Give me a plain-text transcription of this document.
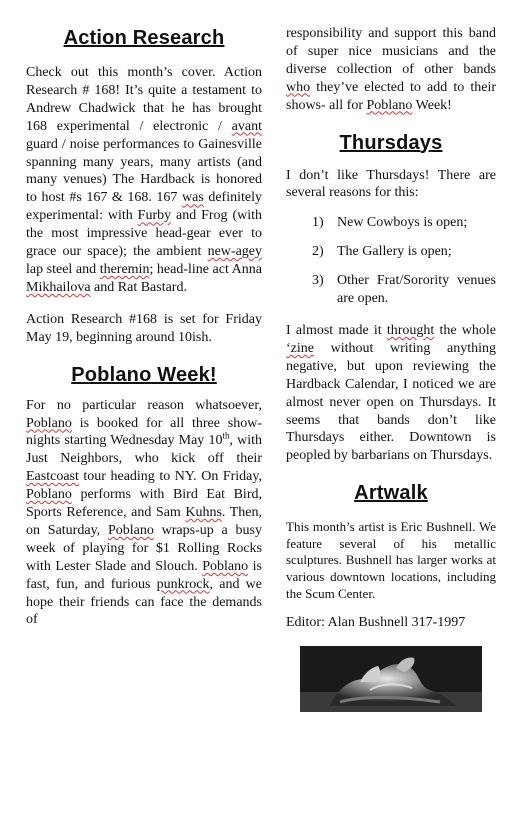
Action Research

Check out this month’s cover. Action Research # 168! It’s quite a testament to Andrew Chadwick that he has brought 168 experimental / electronic / avant guard / noise performances to Gainesville spanning many years, many artists (and many venues) The Hardback is honored to host #s 167 & 168. 167 was definitely experimental: with Furby and Frog (with the most impressive head-gear ever to grace our space); the ambient new-agey lap steel and theremin; head-line act Anna Mikhailova and Rat Bastard.

Action Research #168 is set for Friday May 19, beginning around 10ish.

Poblano Week!

For no particular reason whatsoever, Poblano is booked for all three show-nights starting Wednesday May 10th, with Just Neighbors, who kick off their Eastcoast tour heading to NY. On Friday, Poblano performs with Bird Eat Bird, Sports Reference, and Sam Kuhns. Then, on Saturday, Poblano wraps-up a busy week of playing for $1 Rolling Rocks with Lester Slade and Slouch. Poblano is fast, fun, and furious punkrock, and we hope their friends can face the demands of

responsibility and support this band of super nice musicians and the diverse collection of other bands who they’ve elected to add to their shows- all for Poblano Week!

Thursdays

I don’t like Thursdays! There are several reasons for this:

1) New Cowboys is open;
2) The Gallery is open;
3) Other Frat/Sorority venues are open.

I almost made it throught the whole ‘zine without writing anything negative, but upon reviewing the Hardback Calendar, I noticed we are almost never open on Thursdays. It seems that bands don’t like Thursdays either. Downtown is peopled by barbarians on Thursdays.

Artwalk

This month’s artist is Eric Bushnell. We feature several of his metallic sculptures. Bushnell has larger works at various downtown locations, including the Scum Center.

Editor: Alan Bushnell 317-1997
